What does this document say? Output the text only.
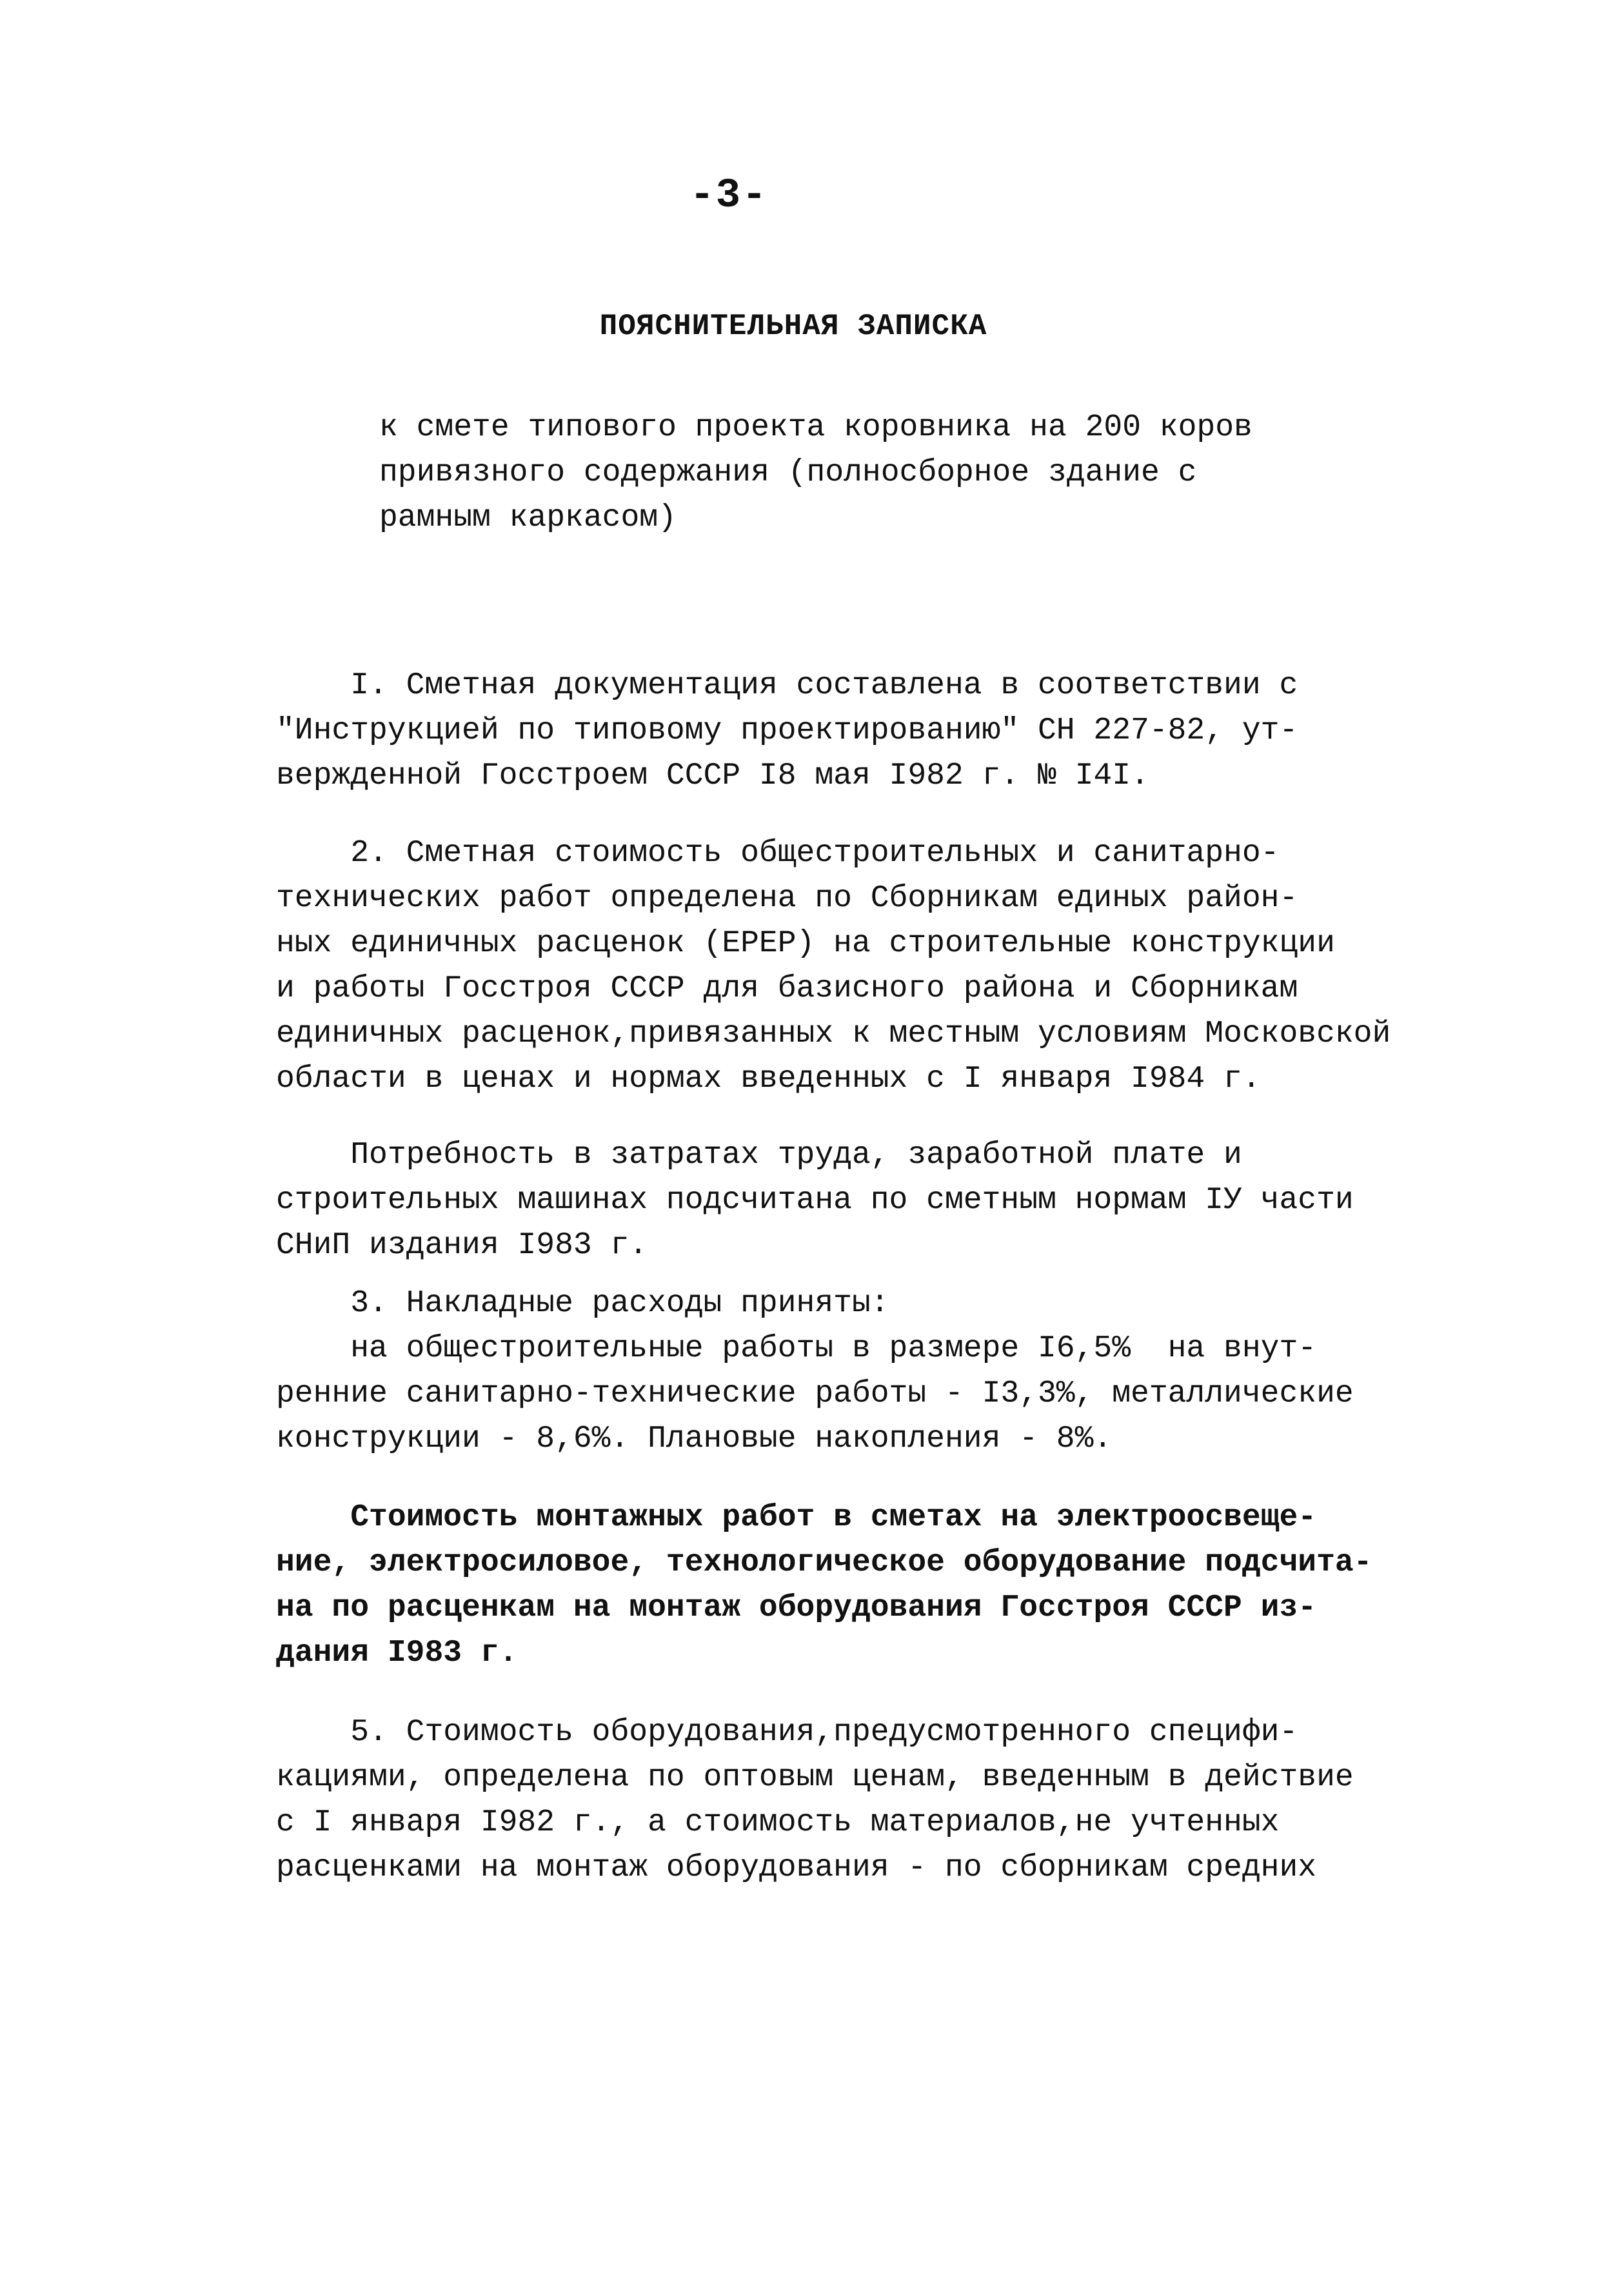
-3-
ПОЯСНИТЕЛЬНАЯ ЗАПИСКА
к смете типового проекта коровника на 200 коров
привязного содержания (полносборное здание с
рамным каркасом)
I. Сметная документация составлена в соответствии с
"Инструкцией по типовому проектированию" СН 227-82, ут-
вержденной Госстроем СССР I8 мая I982 г. № I4I.
2. Сметная стоимость общестроительных и санитарно-
технических работ определена по Сборникам единых район-
ных единичных расценок (ЕРЕР) на строительные конструкции
и работы Госстроя СССР для базисного района и Сборникам
единичных расценок,привязанных к местным условиям Московской
области в ценах и нормах введенных с I января I984 г.
Потребность в затратах труда, заработной плате и
строительных машинах подсчитана по сметным нормам IУ части
СНиП издания I983 г.
3. Накладные расходы приняты:
на общестроительные работы в размере I6,5%  на внут-
ренние санитарно-технические работы - I3,3%, металлические
конструкции - 8,6%. Плановые накопления - 8%.
Стоимость монтажных работ в сметах на электроосвеще-
ние, электросиловое, технологическое оборудование подсчита-
на по расценкам на монтаж оборудования Госстроя СССР из-
дания I983 г.
5. Стоимость оборудования,предусмотренного специфи-
кациями, определена по оптовым ценам, введенным в действие
с I января I982 г., а стоимость материалов,не учтенных
расценками на монтаж оборудования - по сборникам средних
